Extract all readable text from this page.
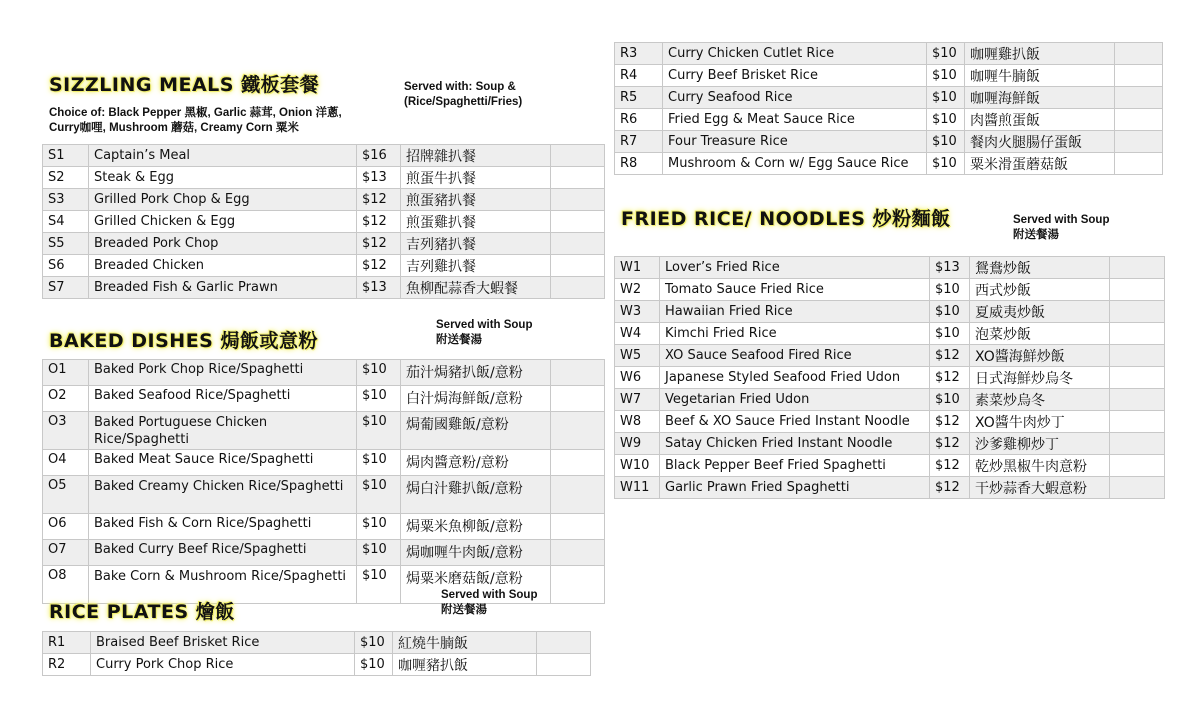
SIZZLING MEALS 鐵板套餐	Served with: Soup &
(Rice/Spaghetti/Fries)
Choice of: Black Pepper 黑椒, Garlic 蒜茸, Onion 洋蔥,
Curry咖哩, Mushroom 蘑菇, Creamy Corn 粟米
S1	Captain’s Meal	$16	招牌雜扒餐	
S2	Steak & Egg	$13	煎蛋牛扒餐	
S3	Grilled Pork Chop & Egg	$12	煎蛋豬扒餐	
S4	Grilled Chicken & Egg	$12	煎蛋雞扒餐	
S5	Breaded Pork Chop	$12	吉列豬扒餐	
S6	Breaded Chicken	$12	吉列雞扒餐	
S7	Breaded Fish & Garlic Prawn	$13	魚柳配蒜香大蝦餐	
BAKED DISHES 焗飯或意粉
Served with Soup
附送餐湯
O1	Baked Pork Chop Rice/Spaghetti	$10	茄汁焗豬扒飯/意粉	
O2	Baked Seafood Rice/Spaghetti	$10	白汁焗海鮮飯/意粉	
O3	Baked Portuguese Chicken Rice/Spaghetti	$10	焗葡國雞飯/意粉	
O4	Baked Meat Sauce Rice/Spaghetti	$10	焗肉醬意粉/意粉	
O5	Baked Creamy Chicken Rice/Spaghetti	$10	焗白汁雞扒飯/意粉	
O6	Baked Fish & Corn Rice/Spaghetti	$10	焗粟米魚柳飯/意粉	
O7	Baked Curry Beef Rice/Spaghetti	$10	焗咖喱牛肉飯/意粉	
O8	Bake Corn & Mushroom Rice/Spaghetti	$10	焗粟米磨菇飯/意粉	
RICE PLATES 燴飯
Served with Soup
附送餐湯
R1	Braised Beef Brisket Rice	$10	紅燒牛腩飯	
R2	Curry Pork Chop Rice	$10	咖喱豬扒飯	
R3	Curry Chicken Cutlet Rice	$10	咖喱雞扒飯	
R4	Curry Beef Brisket Rice	$10	咖喱牛腩飯	
R5	Curry Seafood Rice	$10	咖喱海鮮飯	
R6	Fried Egg & Meat Sauce Rice	$10	肉醬煎蛋飯	
R7	Four Treasure Rice	$10	餐肉火腿腸仔蛋飯	
R8	Mushroom & Corn w/ Egg Sauce Rice	$10	粟米滑蛋蘑菇飯	
FRIED RICE/ NOODLES 炒粉麵飯	Served with Soup
附送餐湯
W1	Lover’s Fried Rice	$13	鴛鴦炒飯	
W2	Tomato Sauce Fried Rice	$10	西式炒飯	
W3	Hawaiian Fried Rice	$10	夏威夷炒飯	
W4	Kimchi Fried Rice	$10	泡菜炒飯	
W5	XO Sauce Seafood Fired Rice	$12	XO醬海鮮炒飯	
W6	Japanese Styled Seafood Fried Udon	$12	日式海鮮炒烏冬	
W7	Vegetarian Fried Udon	$10	素菜炒烏冬	
W8	Beef & XO Sauce Fried Instant Noodle	$12	XO醬牛肉炒丁	
W9	Satay Chicken Fried Instant Noodle	$12	沙爹雞柳炒丁	
W10	Black Pepper Beef Fried Spaghetti	$12	乾炒黑椒牛肉意粉	
W11	Garlic Prawn Fried Spaghetti	$12	干炒蒜香大蝦意粉	
